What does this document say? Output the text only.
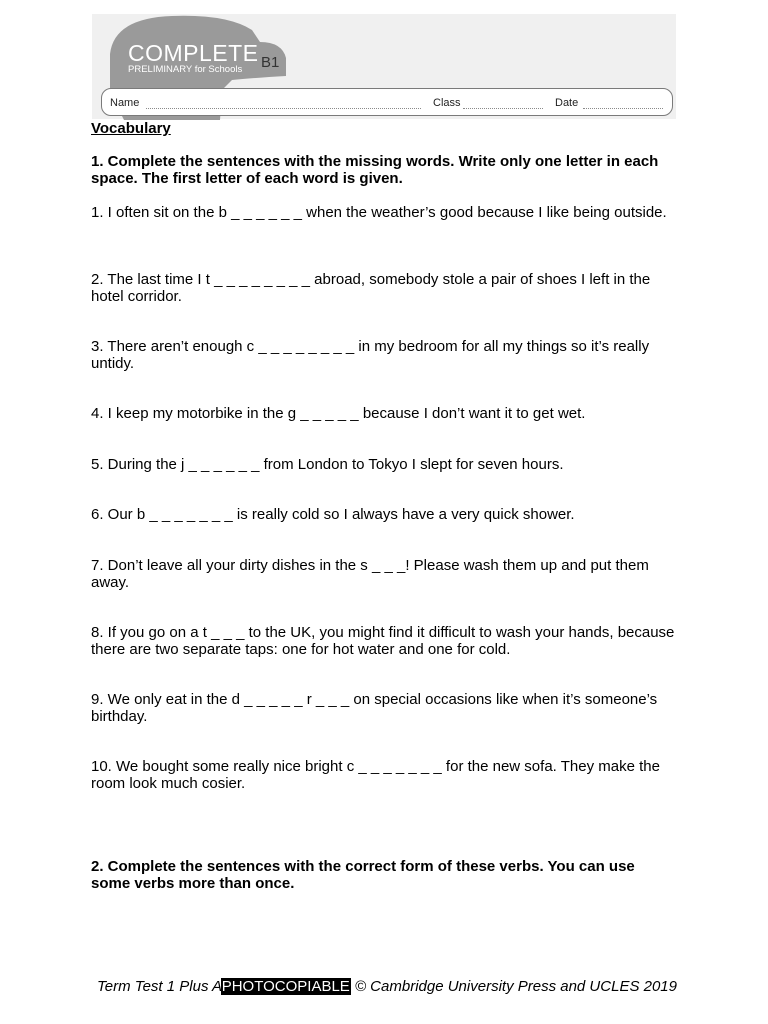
COMPLETE
PRELIMINARY for Schools B1
Name	Class	Date
Vocabulary
1. Complete the sentences with the missing words. Write only one letter in each space. The first letter of each word is given.
1. I often sit on the b _ _ _ _ _ _ when the weather’s good because I like being outside.
2. The last time I t _ _ _ _ _ _ _ _ abroad, somebody stole a pair of shoes I left in the hotel corridor.
3. There aren’t enough c _ _ _ _ _ _ _ _ in my bedroom for all my things so it’s really untidy.
4. I keep my motorbike in the g _ _ _ _ _ because I don’t want it to get wet.
5. During the j _ _ _ _ _ _ from London to Tokyo I slept for seven hours.
6. Our b _ _ _ _ _ _ _ is really cold so I always have a very quick shower.
7. Don’t leave all your dirty dishes in the s _ _ _! Please wash them up and put them away.
8. If you go on a t _ _ _ to the UK, you might find it difficult to wash your hands, because there are two separate taps: one for hot water and one for cold.
9. We only eat in the d _ _ _ _ _ r _ _ _ on special occasions like when it’s someone’s birthday.
10. We bought some really nice bright c _ _ _ _ _ _ _ for the new sofa. They make the room look much cosier.
2. Complete the sentences with the correct form of these verbs. You can use some verbs more than once.
Term Test 1 Plus A PHOTOCOPIABLE © Cambridge University Press and UCLES 2019
